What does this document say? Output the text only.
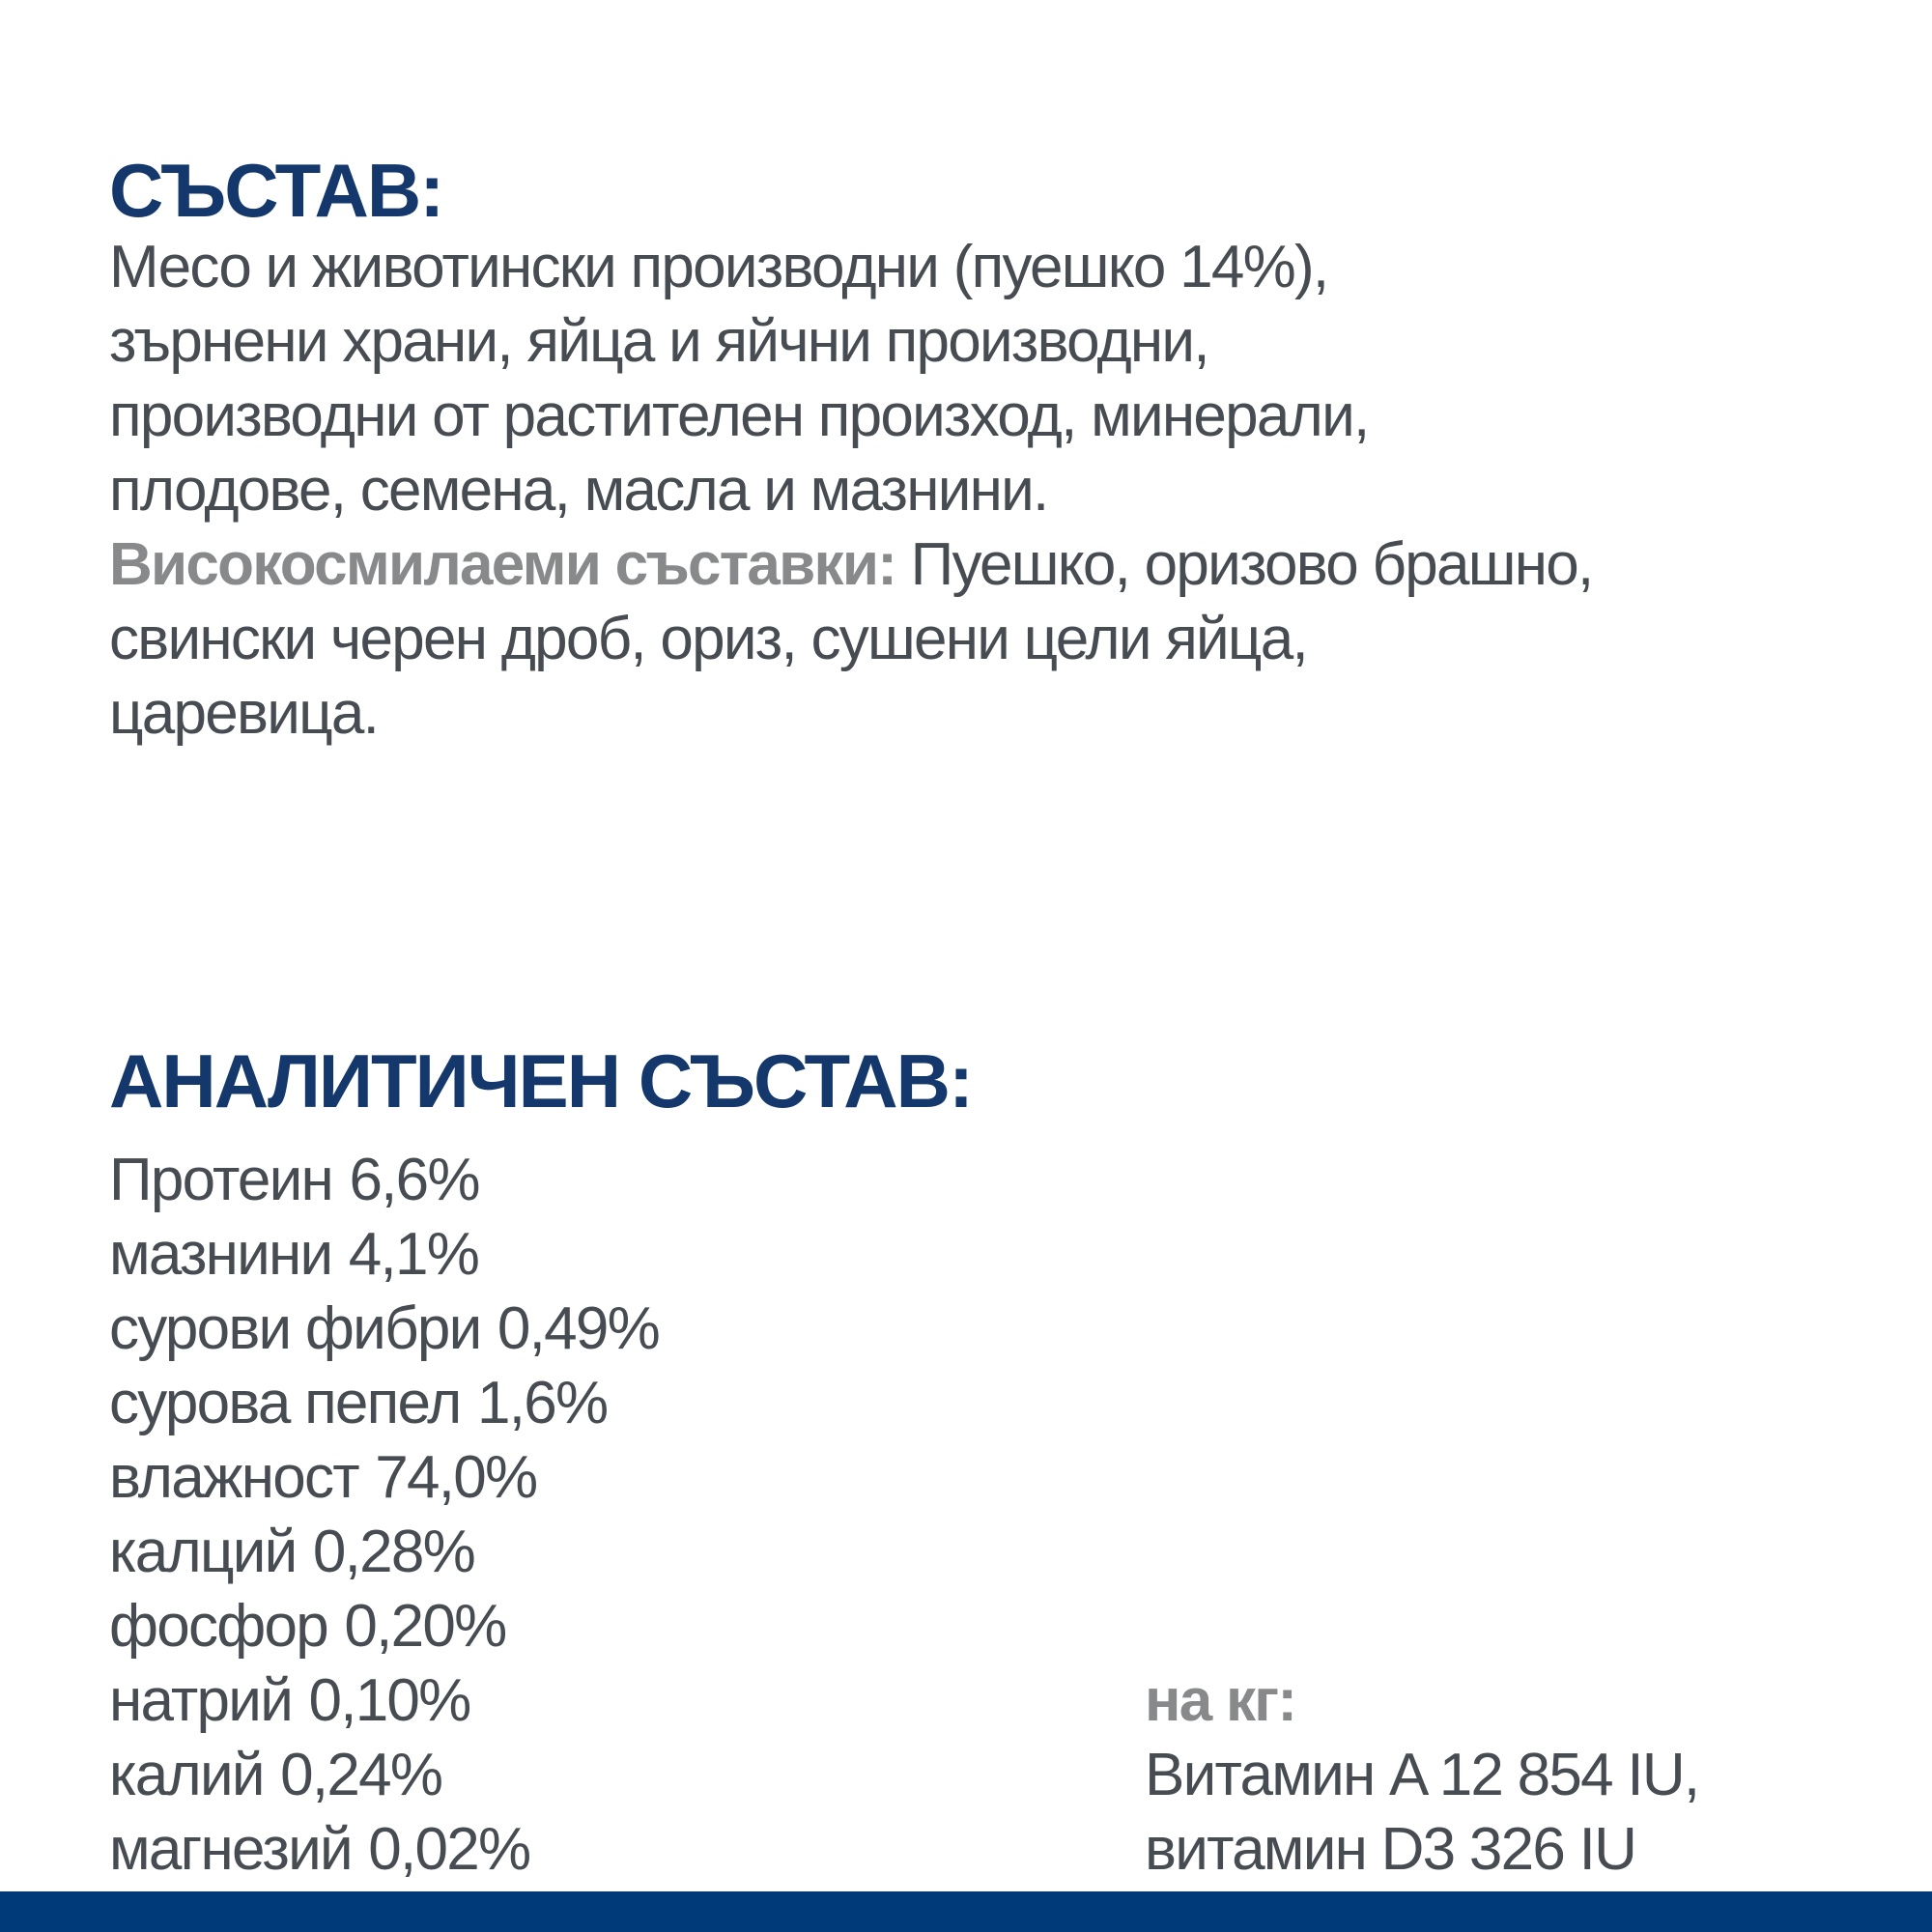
СЪСТАВ:
Месо и животински производни (пуешко 14%),
зърнени храни, яйца и яйчни производни,
производни от растителен произход, минерали,
плодове, семена, масла и мазнини.
Високосмилаеми съставки: Пуешко, оризово брашно,
свински черен дроб, ориз, сушени цели яйца,
царевица.
АНАЛИТИЧЕН СЪСТАВ:
Протеин 6,6%
мазнини 4,1%
сурови фибри 0,49%
сурова пепел 1,6%
влажност 74,0%
калций 0,28%
фосфор 0,20%
натрий 0,10%
калий 0,24%
магнезий 0,02%
на кг:
Витамин A 12 854 IU,
витамин D3 326 IU
